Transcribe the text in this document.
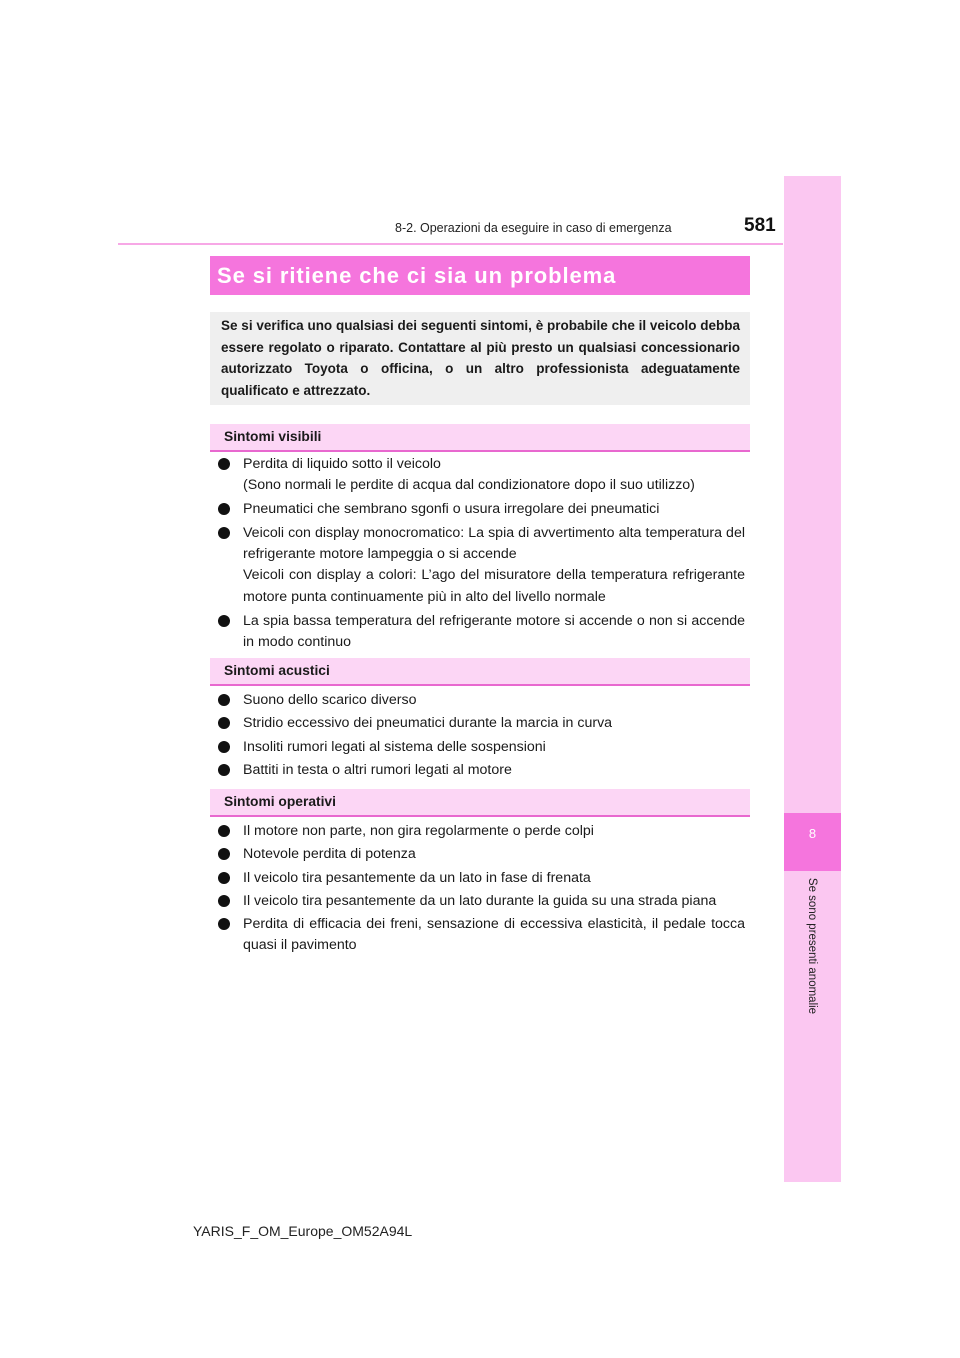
8-2. Operazioni da eseguire in caso di emergenza	581
8
Se sono presenti anomalie
Se si ritiene che ci sia un problema
Se si verifica uno qualsiasi dei seguenti sintomi, è probabile che il veicolo debba essere regolato o riparato. Contattare al più presto un qualsiasi concessionario autorizzato Toyota o officina, o un altro professionista adeguatamente qualificato e attrezzato.
Sintomi visibili
Perdita di liquido sotto il veicolo
(Sono normali le perdite di acqua dal condizionatore dopo il suo utilizzo)
Pneumatici che sembrano sgonfi o usura irregolare dei pneumatici
Veicoli con display monocromatico: La spia di avvertimento alta temperatura del refrigerante motore lampeggia o si accende
Veicoli con display a colori: L’ago del misuratore della temperatura refrigerante motore punta continuamente più in alto del livello normale
La spia bassa temperatura del refrigerante motore si accende o non si accende in modo continuo
Sintomi acustici
Suono dello scarico diverso
Stridio eccessivo dei pneumatici durante la marcia in curva
Insoliti rumori legati al sistema delle sospensioni
Battiti in testa o altri rumori legati al motore
Sintomi operativi
Il motore non parte, non gira regolarmente o perde colpi
Notevole perdita di potenza
Il veicolo tira pesantemente da un lato in fase di frenata
Il veicolo tira pesantemente da un lato durante la guida su una strada piana
Perdita di efficacia dei freni, sensazione di eccessiva elasticità, il pedale tocca quasi il pavimento
YARIS_F_OM_Europe_OM52A94L
